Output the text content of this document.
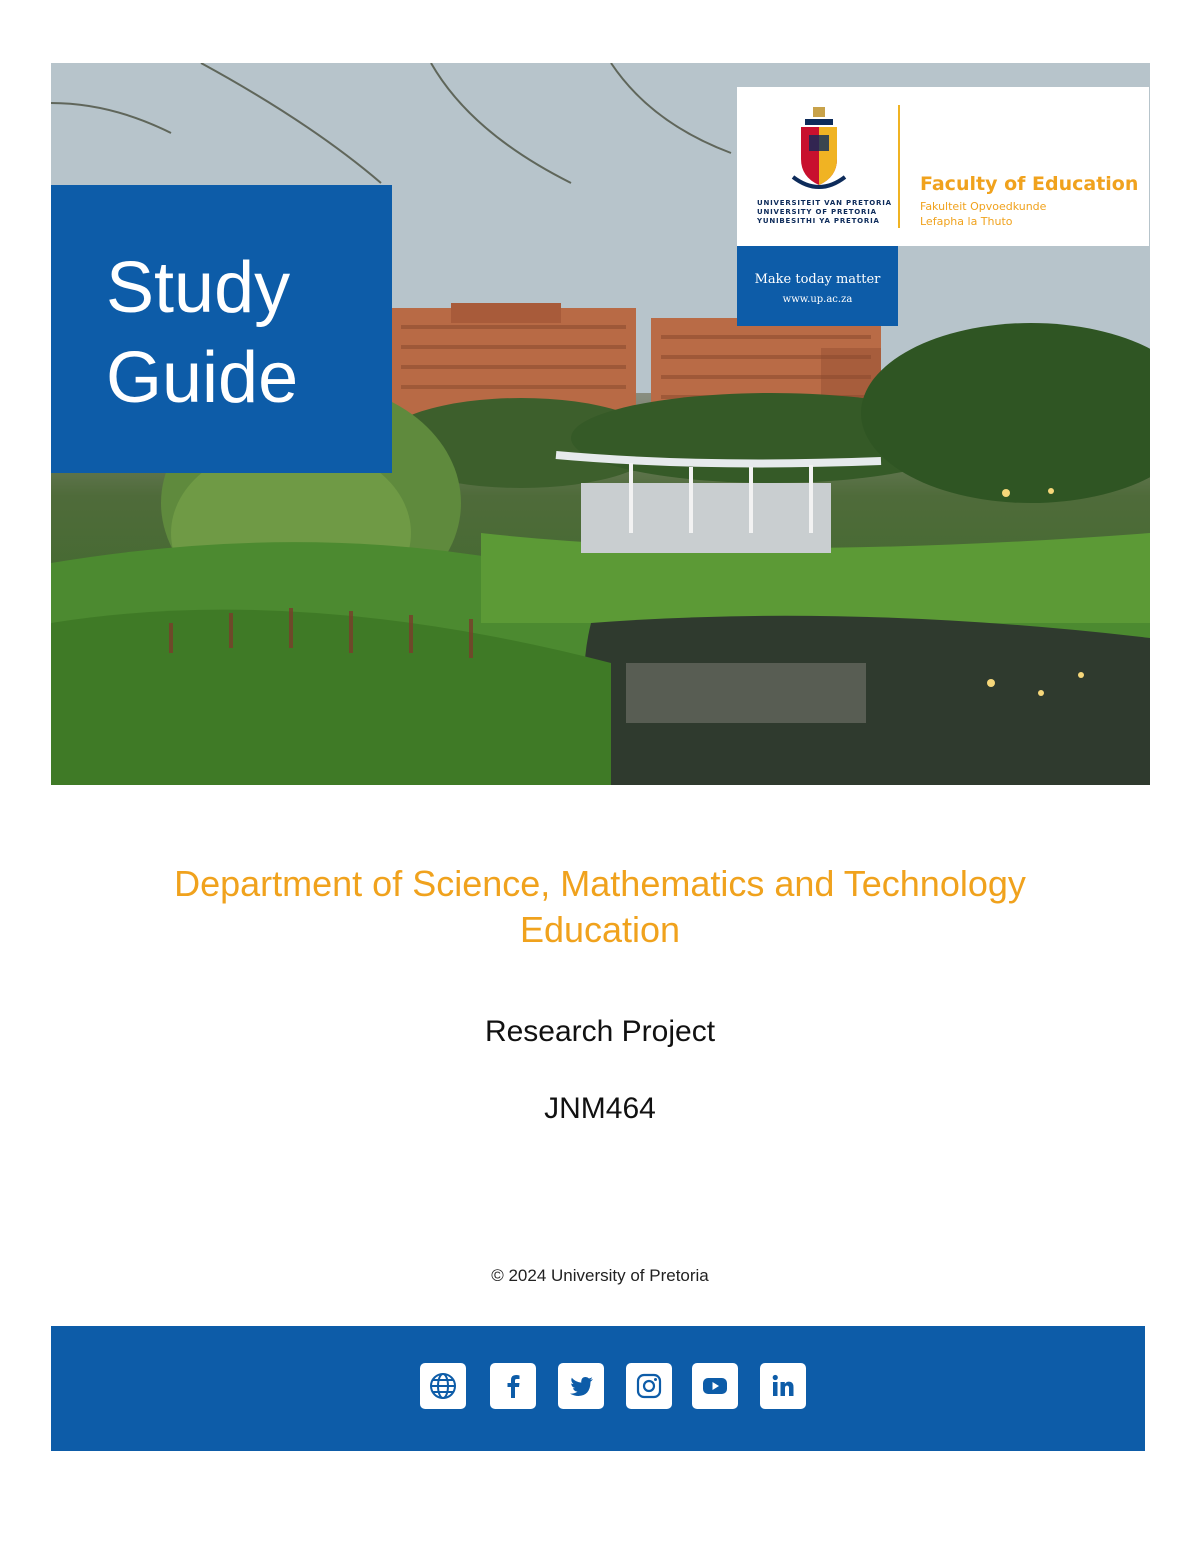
Study
Guide
UNIVERSITEIT VAN PRETORIA
UNIVERSITY OF PRETORIA
YUNIBESITHI YA PRETORIA
Faculty of Education
Fakulteit Opvoedkunde
Lefapha la Thuto
Make today matter
www.up.ac.za
Department of Science, Mathematics and Technology Education

Research Project

JNM464

© 2024 University of Pretoria
